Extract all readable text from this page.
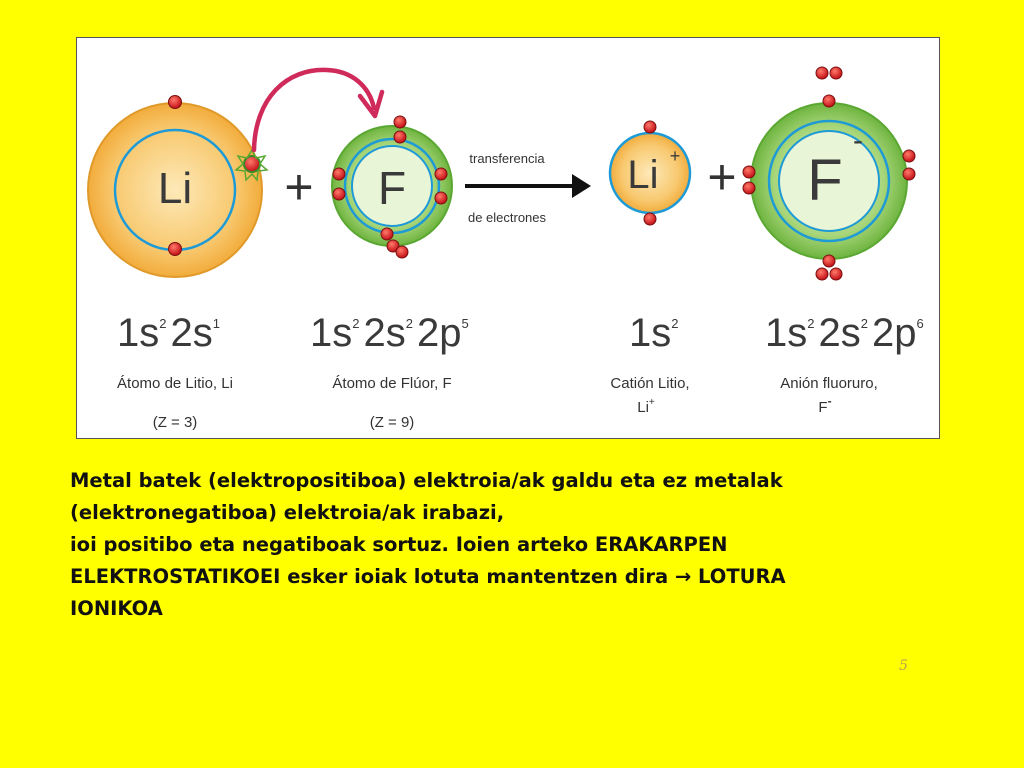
Li + F
transferencia
de electrones
Li + + F
-
$1s^2$ $2s^1$ $1s^2$ $2s^2$ $2p^5$	$1s^2$ $1s^2$ $2s^2$ $2p^6$
Átomo de Litio, Li
(Z = 3)
Átomo de Flúor, F
(Z = 9)
Catión Litio,
Li+
Anión fluoruro,
F-
Metal batek (elektropositiboa) elektroia/ak galdu eta ez metalak
(elektronegatiboa) elektroia/ak irabazi,
ioi positibo eta negatiboak sortuz. Ioien arteko ERAKARPEN
ELEKTROSTATIKOEI esker ioiak lotuta mantentzen dira → LOTURA
IONIKOA
5
